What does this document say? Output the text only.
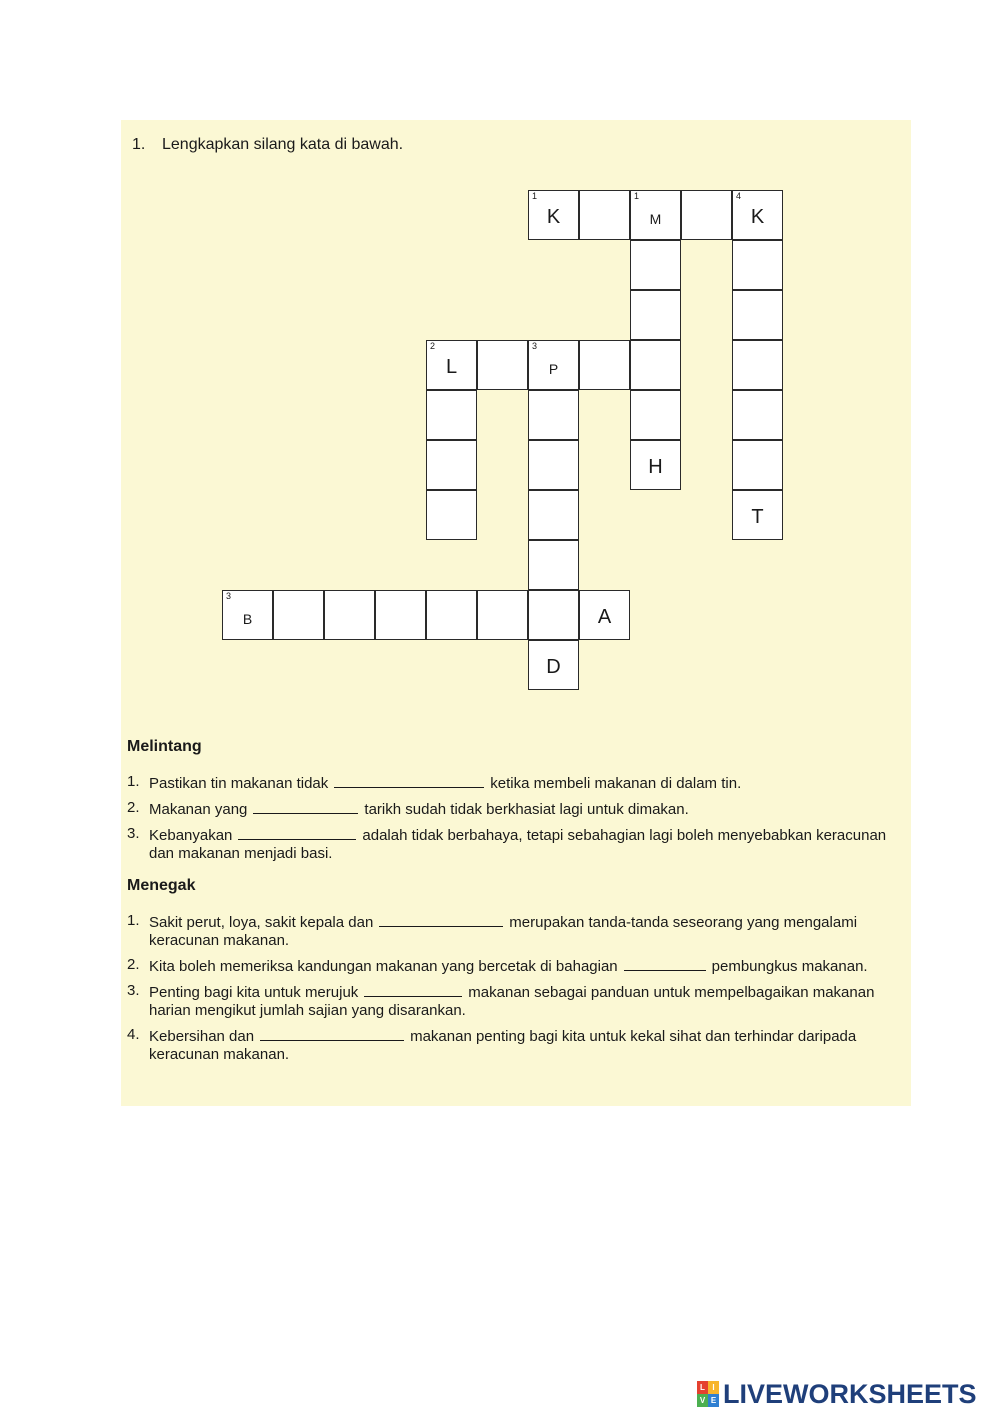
1. Lengkapkan silang kata di bawah.
1
K
1
M
4
K
H
T
2
L
3
P
3
B	A
D
Melintang
1. Pastikan tin makanan tidak	ketika membeli makanan di dalam tin.
2. Makanan yang	tarikh sudah tidak berkhasiat lagi untuk dimakan.
3. Kebanyakan	adalah tidak berbahaya, tetapi sebahagian lagi boleh menyebabkan keracunan dan makanan menjadi basi.
Menegak
1. Sakit perut, loya, sakit kepala dan	merupakan tanda-tanda seseorang yang mengalami keracunan makanan.
2. Kita boleh memeriksa kandungan makanan yang bercetak di bahagian	pembungkus makanan.
3. Penting bagi kita untuk merujuk	makanan sebagai panduan untuk mempelbagaikan makanan harian mengikut jumlah sajian yang disarankan.
4. Kebersihan dan	makanan penting bagi kita untuk kekal sihat dan terhindar daripada keracunan makanan.
L I
V E LIVEWORKSHEETS
